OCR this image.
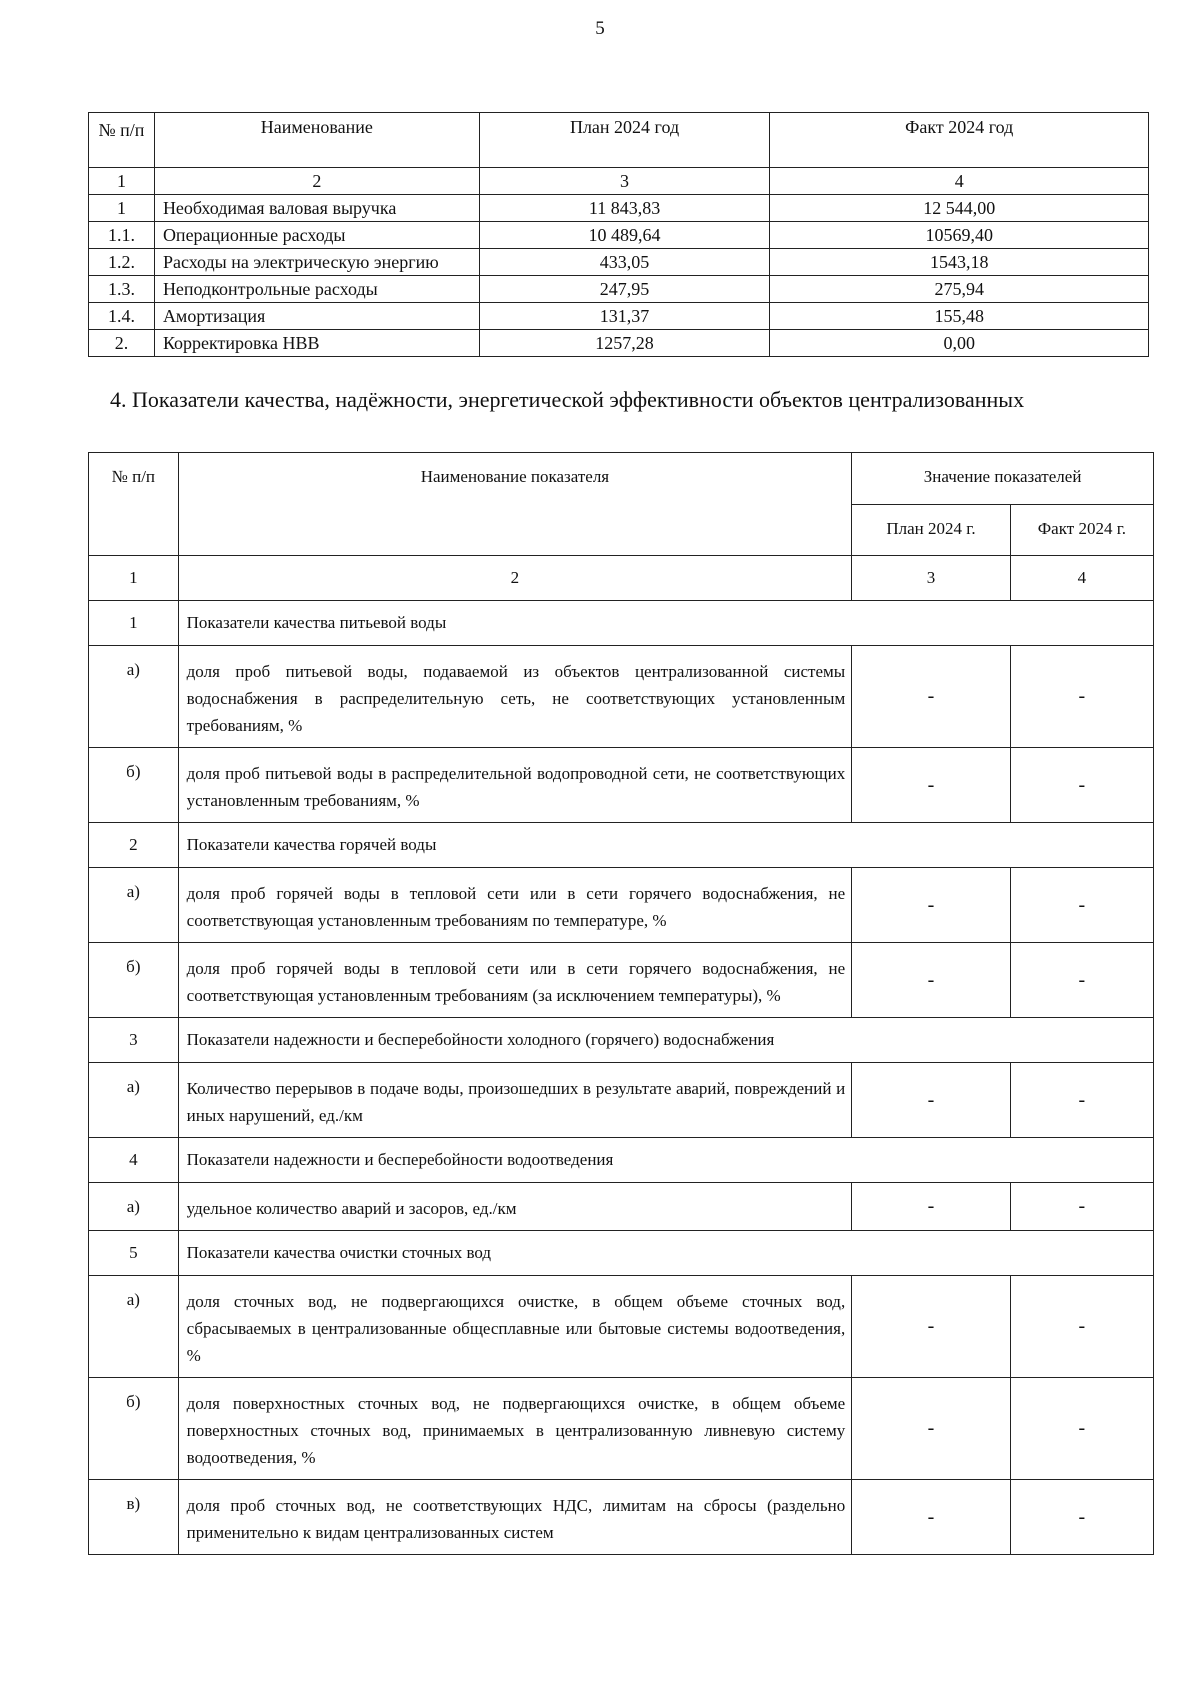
5
№ п/п	Наименование	План 2024 год	Факт 2024 год
1	2	3	4
1	Необходимая валовая выручка	11 843,83	12 544,00
1.1.	Операционные расходы	10 489,64	10569,40
1.2.	Расходы на электрическую энергию	433,05	1543,18
1.3.	Неподконтрольные расходы	247,95	275,94
1.4.	Амортизация	131,37	155,48
2.	Корректировка НВВ	1257,28	0,00
4. Показатели качества, надёжности, энергетической эффективности объектов централизованных
№ п/п	Наименование показателя	Значение показателей	
		План 2024 г.	Факт 2024 г.
1	2	3	4
1	Показатели качества питьевой воды		
а)	доля проб питьевой воды, подаваемой из объектов централизованной системы водоснабжения в распределительную сеть, не соответствующих установленным требованиям, %	-	-
б)	доля проб питьевой воды в распределительной водопроводной сети, не соответствующих установленным требованиям, %	-	-
2	Показатели качества горячей воды		
а)	доля проб горячей воды в тепловой сети или в сети горячего водоснабжения, не соответствующая установленным требованиям по температуре, %	-	-
б)	доля проб горячей воды в тепловой сети или в сети горячего водоснабжения, не соответствующая установленным требованиям (за исключением температуры), %	-	-
3	Показатели надежности и бесперебойности холодного (горячего) водоснабжения		
а)	Количество перерывов в подаче воды, произошедших в результате аварий, повреждений и иных нарушений, ед./км	-	-
4	Показатели надежности и бесперебойности водоотведения		
а)	удельное количество аварий и засоров, ед./км	-	-
5	Показатели качества очистки сточных вод		
а)	доля сточных вод, не подвергающихся очистке, в общем объеме сточных вод, сбрасываемых в централизованные общесплавные или бытовые системы водоотведения, %	-	-
б)	доля поверхностных сточных вод, не подвергающихся очистке, в общем объеме поверхностных сточных вод, принимаемых в централизованную ливневую систему водоотведения, %	-	-
в)	доля проб сточных вод, не соответствующих НДС, лимитам на сбросы (раздельно применительно к видам централизованных систем	-	-
